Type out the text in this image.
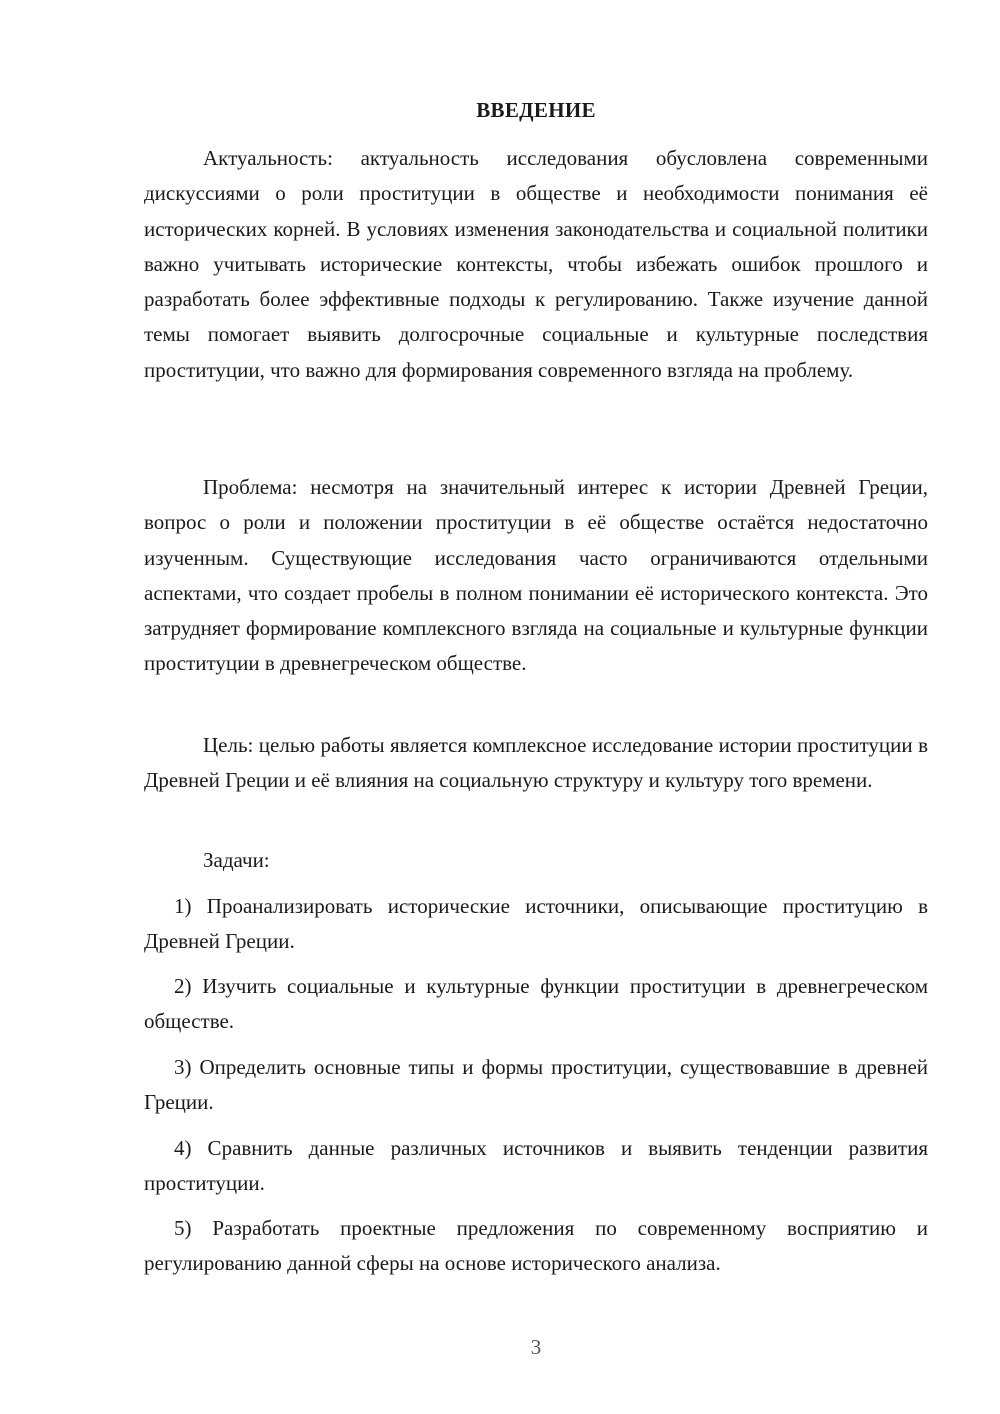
ВВЕДЕНИЕ

Актуальность: актуальность исследования обусловлена современными дискуссиями о роли проституции в обществе и необходимости понимания её исторических корней. В условиях изменения законодательства и социальной политики важно учитывать исторические контексты, чтобы избежать ошибок прошлого и разработать более эффективные подходы к регулированию. Также изучение данной темы помогает выявить долгосрочные социальные и культурные последствия проституции, что важно для формирования современного взгляда на проблему.

Проблема: несмотря на значительный интерес к истории Древней Греции, вопрос о роли и положении проституции в её обществе остаётся недостаточно изученным. Существующие исследования часто ограничиваются отдельными аспектами, что создает пробелы в полном понимании её исторического контекста. Это затрудняет формирование комплексного взгляда на социальные и культурные функции проституции в древнегреческом обществе.

Цель: целью работы является комплексное исследование истории проституции в Древней Греции и её влияния на социальную структуру и культуру того времени.

Задачи:

1) Проанализировать исторические источники, описывающие проституцию в Древней Греции.

2) Изучить социальные и культурные функции проституции в древнегреческом обществе.

3) Определить основные типы и формы проституции, существовавшие в древней Греции.

4) Сравнить данные различных источников и выявить тенденции развития проституции.

5) Разработать проектные предложения по современному восприятию и регулированию данной сферы на основе исторического анализа.

3
